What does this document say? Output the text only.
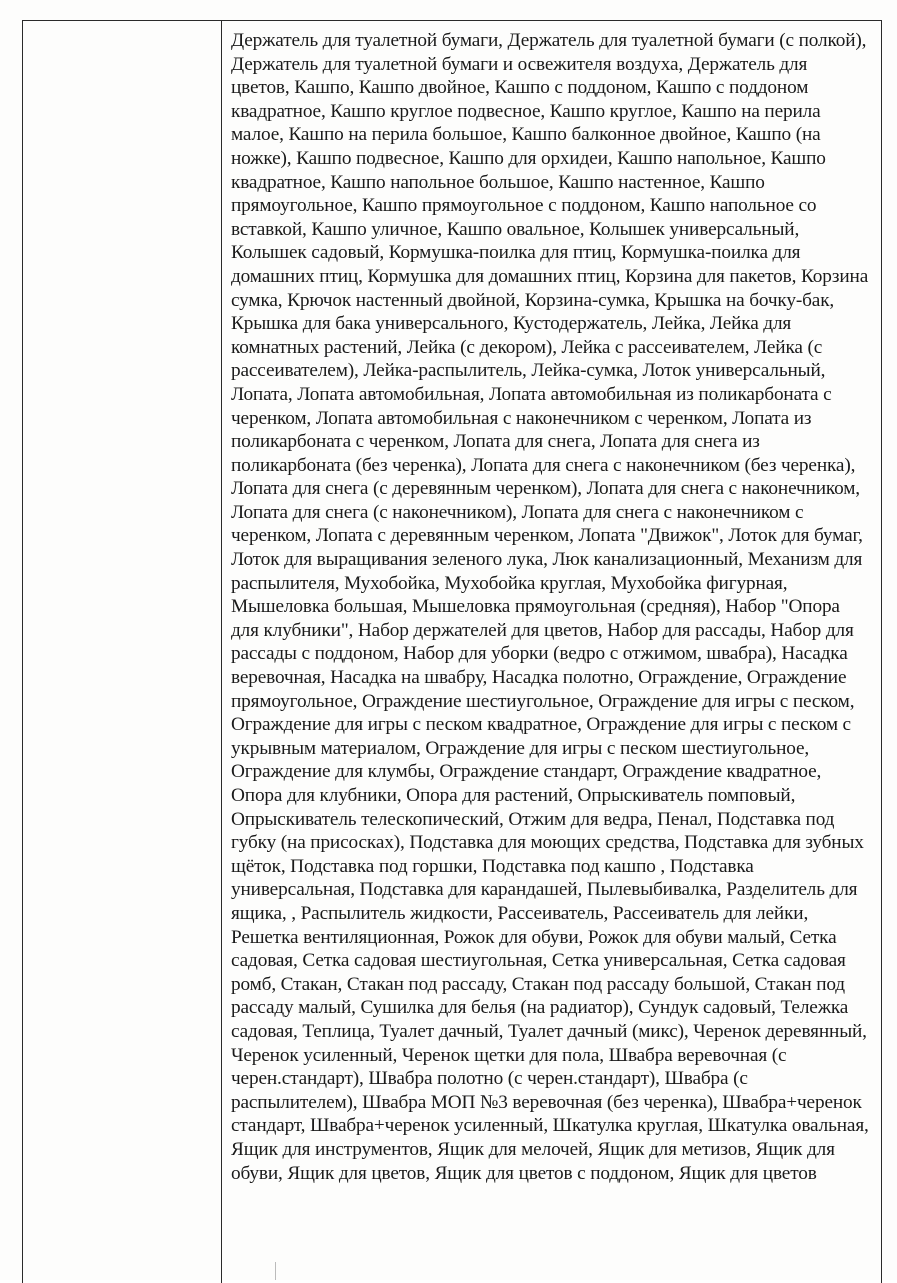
Держатель для туалетной бумаги, Держатель для туалетной бумаги (с полкой), Держатель для туалетной бумаги и освежителя воздуха, Держатель для цветов, Кашпо, Кашпо двойное, Кашпо с поддоном, Кашпо с поддоном квадратное, Кашпо круглое подвесное, Кашпо круглое, Кашпо на перила малое, Кашпо на перила большое, Кашпо балконное двойное, Кашпо (на ножке), Кашпо подвесное, Кашпо для орхидеи, Кашпо напольное, Кашпо квадратное, Кашпо напольное большое, Кашпо настенное, Кашпо прямоугольное, Кашпо прямоугольное с поддоном, Кашпо напольное со вставкой, Кашпо уличное, Кашпо овальное, Колышек универсальный, Колышек садовый, Кормушка-поилка для птиц, Кормушка-поилка для домашних птиц, Кормушка для домашних птиц, Корзина для пакетов, Корзина сумка, Крючок настенный двойной, Корзина-сумка, Крышка на бочку-бак, Крышка для бака универсального, Кустодержатель, Лейка, Лейка для комнатных растений, Лейка (с декором), Лейка с рассеивателем, Лейка (с рассеивателем), Лейка-распылитель, Лейка-сумка, Лоток универсальный, Лопата, Лопата автомобильная, Лопата автомобильная из поликарбоната с черенком, Лопата автомобильная с наконечником с черенком, Лопата из поликарбоната с черенком, Лопата для снега, Лопата для снега из поликарбоната (без черенка), Лопата для снега с наконечником (без черенка), Лопата для снега (с деревянным черенком), Лопата для снега с наконечником, Лопата для снега (с наконечником), Лопата для снега с наконечником с черенком, Лопата с деревянным черенком, Лопата "Движок", Лоток для бумаг, Лоток для выращивания зеленого лука, Люк канализационный, Механизм для распылителя, Мухобойка, Мухобойка круглая, Мухобойка фигурная, Мышеловка большая, Мышеловка прямоугольная (средняя), Набор "Опора для клубники", Набор держателей для цветов, Набор для рассады, Набор для рассады с поддоном, Набор для уборки (ведро с отжимом, швабра), Насадка веревочная, Насадка на швабру, Насадка полотно, Ограждение, Ограждение прямоугольное, Ограждение шестиугольное, Ограждение для игры с песком, Ограждение для игры с песком квадратное, Ограждение для игры с песком с укрывным материалом, Ограждение для игры с песком шестиугольное, Ограждение для клумбы, Ограждение стандарт, Ограждение квадратное, Опора для клубники, Опора для растений, Опрыскиватель помповый, Опрыскиватель телескопический, Отжим для ведра, Пенал, Подставка под губку (на присосках), Подставка для моющих средства, Подставка для зубных щёток, Подставка под горшки, Подставка под кашпо , Подставка универсальная, Подставка для карандашей, Пылевыбивалка, Разделитель для ящика, , Распылитель жидкости, Рассеиватель, Рассеиватель для лейки, Решетка вентиляционная, Рожок для обуви, Рожок для обуви малый, Сетка садовая, Сетка садовая шестиугольная, Сетка универсальная, Сетка садовая ромб, Стакан, Стакан под рассаду, Стакан под рассаду большой, Стакан под рассаду малый, Сушилка для белья (на радиатор), Сундук садовый, Тележка садовая, Теплица, Туалет дачный, Туалет дачный (микс), Черенок деревянный, Черенок усиленный, Черенок щетки для пола, Швабра веревочная (с черен.стандарт), Швабра полотно (с черен.стандарт), Швабра (с распылителем), Швабра МОП №3 веревочная (без черенка), Швабра+черенок стандарт, Швабра+черенок усиленный, Шкатулка круглая, Шкатулка овальная, Ящик для инструментов, Ящик для мелочей, Ящик для метизов, Ящик для обуви, Ящик для цветов, Ящик для цветов с поддоном, Ящик для цветов
